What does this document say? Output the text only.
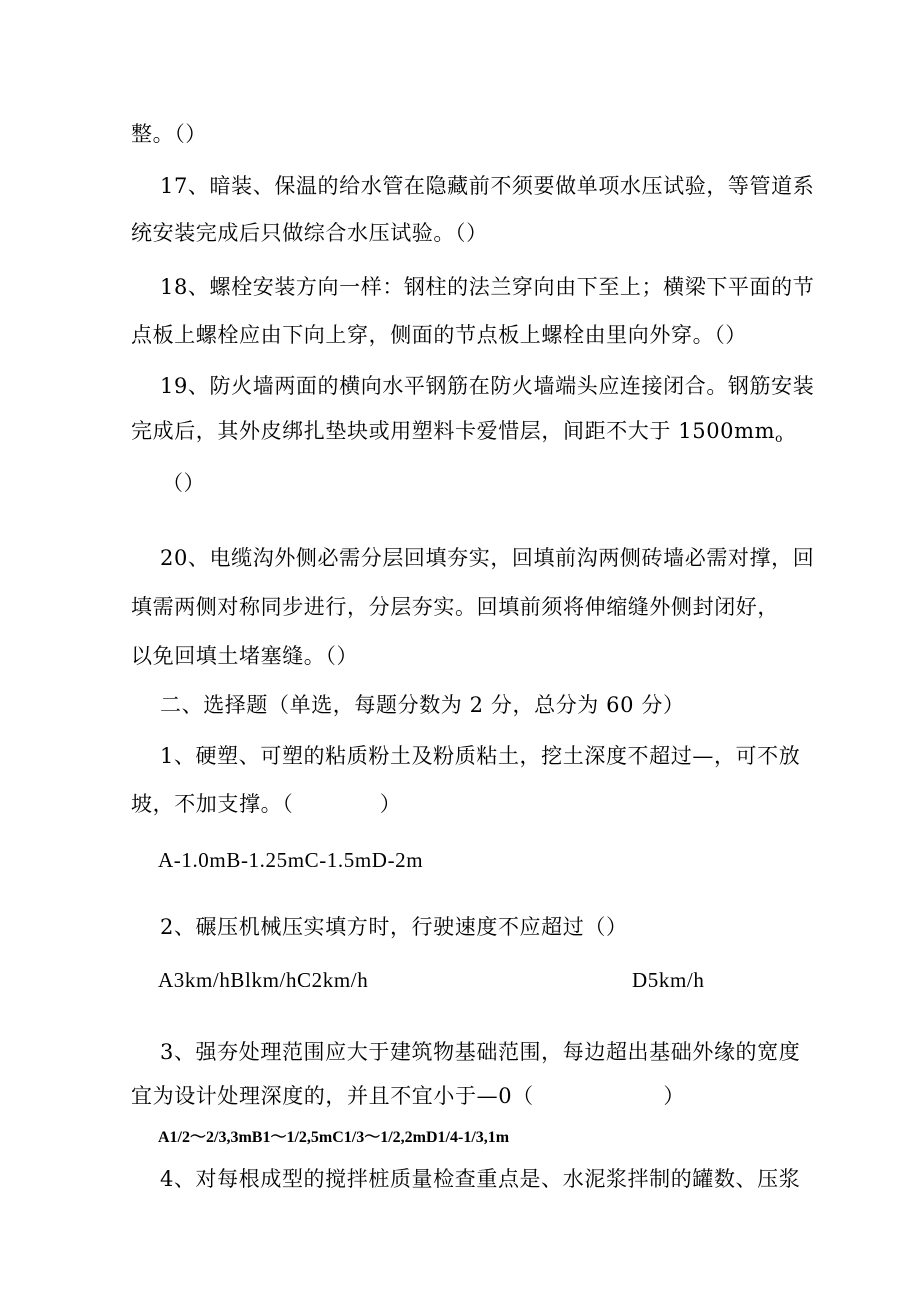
整。（）
17、暗装、保温的给水管在隐藏前不须要做单项水压试验，等管道系
统安装完成后只做综合水压试验。（）
18、螺栓安装方向一样：钢柱的法兰穿向由下至上；横梁下平面的节
点板上螺栓应由下向上穿，侧面的节点板上螺栓由里向外穿。（）
19、防火墙两面的横向水平钢筋在防火墙端头应连接闭合。钢筋安装
完成后，其外皮绑扎垫块或用塑料卡爱惜层，间距不大于 $1500mm_o$
（）
20、电缆沟外侧必需分层回填夯实，回填前沟两侧砖墙必需对撑，回
填需两侧对称同步进行，分层夯实。回填前须将伸缩缝外侧封闭好，
以免回填土堵塞缝。（）
二、选择题（单选，每题分数为 2 分，总分为 60 分）
1、硬塑、可塑的粘质粉土及粉质粘土，挖土深度不超过—，可不放
坡，不加支撑。（　　　　）
A-1.0mB-1.25mC-1.5mD-2m
2、碾压机械压实填方时，行驶速度不应超过（）
A3km/hBlkm/hC2km/h	D5km/h
3、强夯处理范围应大于建筑物基础范围，每边超出基础外缘的宽度
宜为设计处理深度的，并且不宜小于—0（　　　　　　）
A1/2～2/3,3mB1～1/2,5mC1/3～1/2,2mD1/4-1/3,1m
4、对每根成型的搅拌桩质量检查重点是、水泥浆拌制的罐数、压浆
